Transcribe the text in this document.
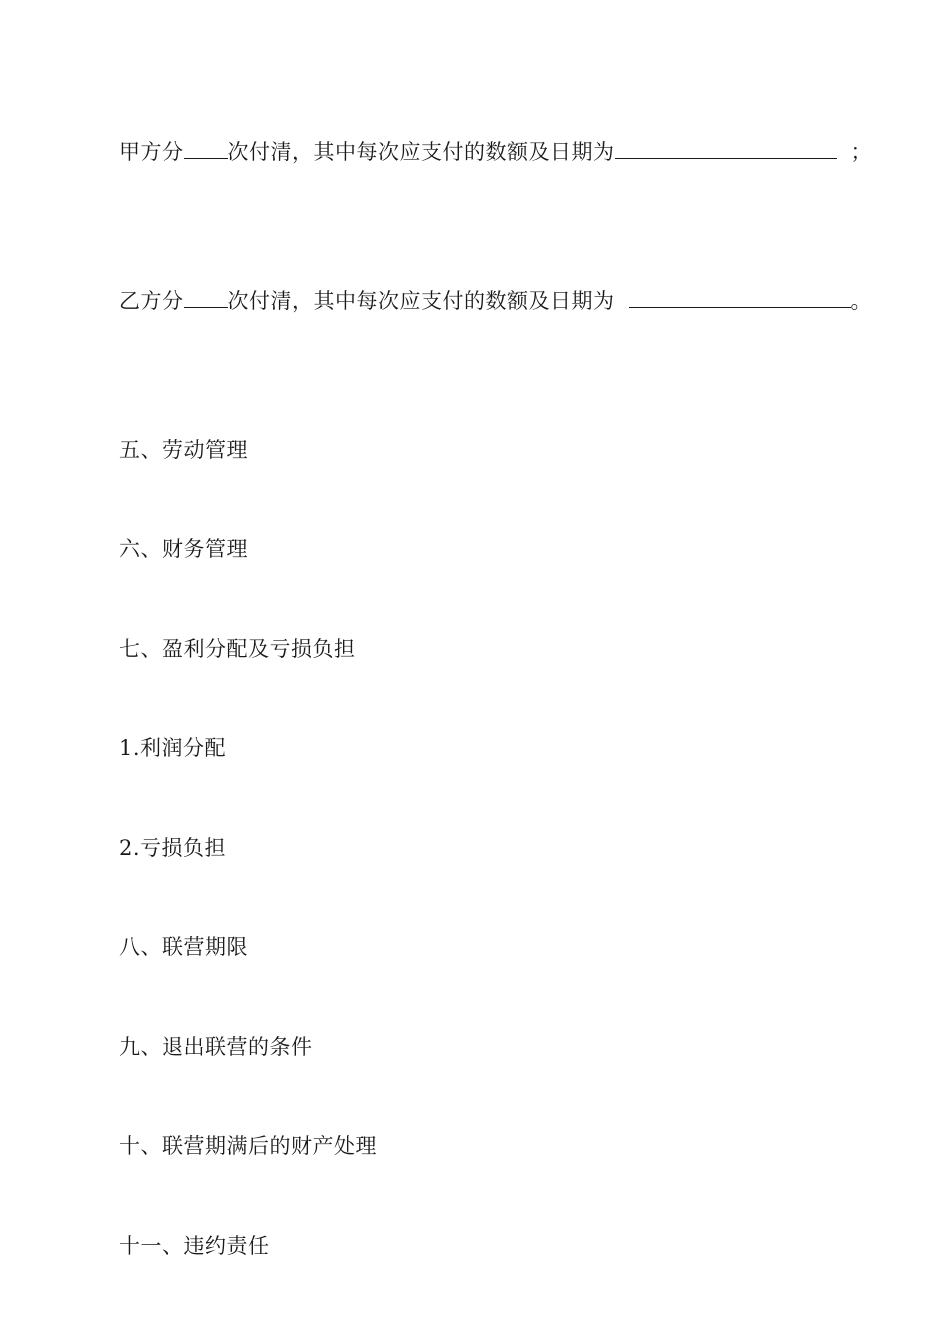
甲方分 次付清，其中每次应支付的数额及日期为	；
乙方分 次付清，其中每次应支付的数额及日期为	。
五、劳动管理
六、财务管理
七、盈利分配及亏损负担
1.利润分配
2.亏损负担
八、联营期限
九、退出联营的条件
十、联营期满后的财产处理
十一、违约责任
